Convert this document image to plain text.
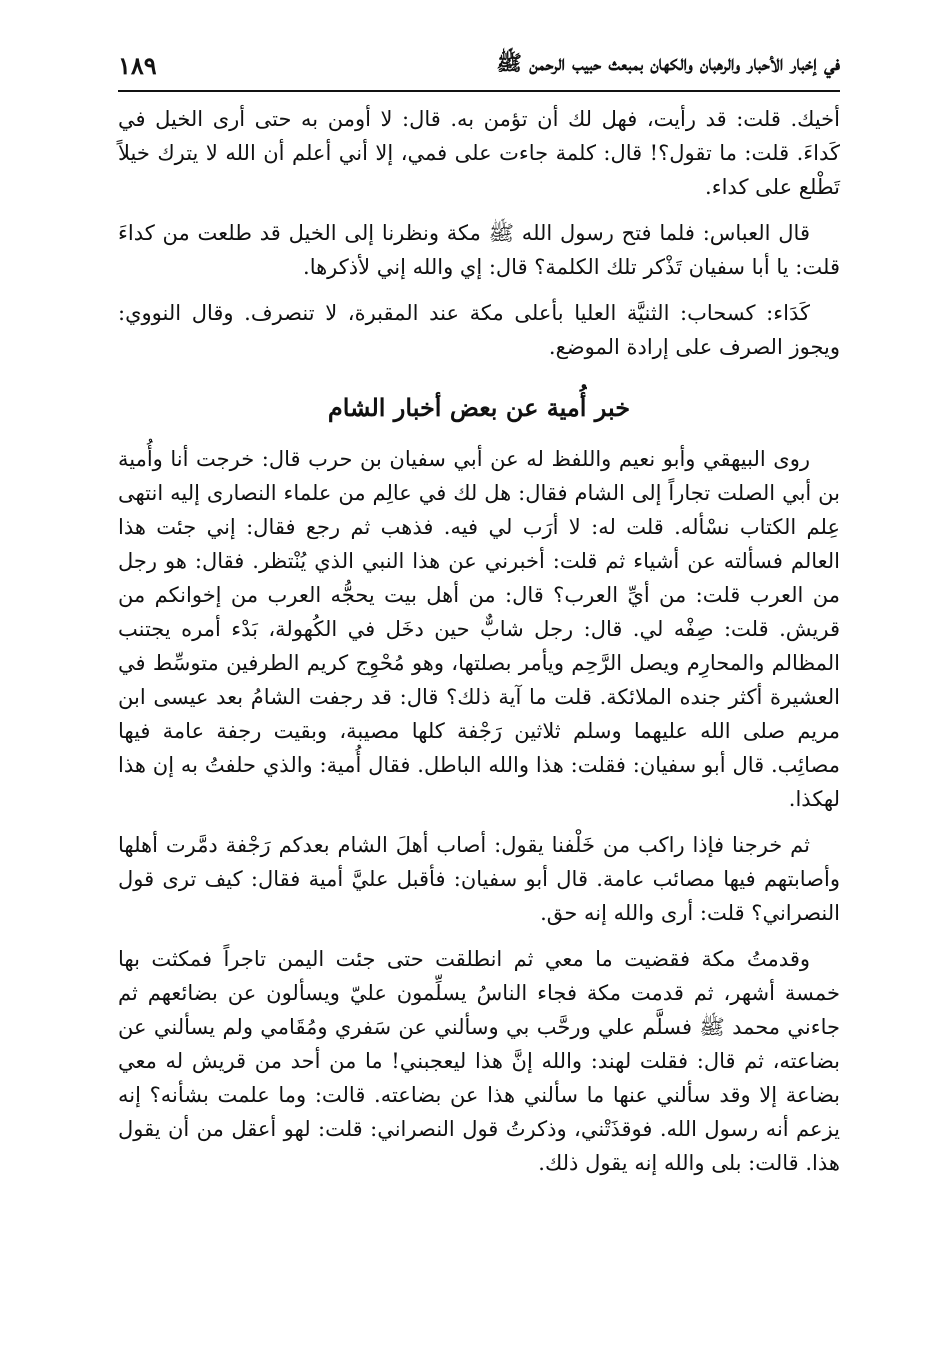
في إخبار الأحبار والرهبان والكهان بمبعث حبيب الرحمن ﷺ
١٨٩

أخيك. قلت: قد رأيت، فهل لك أن تؤمن به. قال: لا أومن به حتى أرى الخيل في كَداءَ. قلت: ما تقول؟! قال: كلمة جاءت على فمي، إلا أني أعلم أن الله لا يترك خيلاً تَطْلع على كداء.

قال العباس: فلما فتح رسول الله ﷺ مكة ونظرنا إلى الخيل قد طلعت من كداءَ قلت: يا أبا سفيان تَذْكر تلك الكلمة؟ قال: إي والله إني لأذكرها.

كَدَاء: كسحاب: الثنيَّة العليا بأعلى مكة عند المقبرة، لا تنصرف. وقال النووي: ويجوز الصرف على إرادة الموضع.

خبر أُمية عن بعض أخبار الشام

روى البيهقي وأبو نعيم واللفظ له عن أبي سفيان بن حرب قال: خرجت أنا وأُمية بن أبي الصلت تجاراً إلى الشام فقال: هل لك في عالِم من علماء النصارى إليه انتهى عِلم الكتاب نسْأله. قلت له: لا أرَب لي فيه. فذهب ثم رجع فقال: إني جئت هذا العالم فسألته عن أشياء ثم قلت: أخبرني عن هذا النبي الذي يُنْتظر. فقال: هو رجل من العرب قلت: من أيِّ العرب؟ قال: من أهل بيت يحجُّه العرب من إخوانكم من قريش. قلت: صِفْه لي. قال: رجل شابٌّ حين دخَل في الكُهولة، بَدْء أمره يجتنب المظالم والمحارِم ويصل الرَّحِم ويأمر بصلتها، وهو مُحْوِج كريم الطرفين متوسِّط في العشيرة أكثر جنده الملائكة. قلت ما آية ذلك؟ قال: قد رجفت الشامُ بعد عيسى ابن مريم صلى الله عليهما وسلم ثلاثين رَجْفة كلها مصيبة، وبقيت رجفة عامة فيها مصائِب. قال أبو سفيان: فقلت: هذا والله الباطل. فقال أُمية: والذي حلفتُ به إن هذا لهكذا.

ثم خرجنا فإذا راكب من خَلْفنا يقول: أصاب أهلَ الشام بعدكم رَجْفة دمَّرت أهلها وأصابتهم فيها مصائب عامة. قال أبو سفيان: فأقبل عليَّ أمية فقال: كيف ترى قول النصراني؟ قلت: أرى والله إنه حق.

وقدمتُ مكة فقضيت ما معي ثم انطلقت حتى جئت اليمن تاجراً فمكثت بها خمسة أشهر، ثم قدمت مكة فجاء الناسُ يسلِّمون عليّ ويسألون عن بضائعهم ثم جاءني محمد ﷺ فسلَّم علي ورحَّب بي وسألني عن سَفري ومُقَامي ولم يسألني عن بضاعته، ثم قال: فقلت لهند: والله إنَّ هذا ليعجبني! ما من أحد من قريش له معي بضاعة إلا وقد سألني عنها ما سألني هذا عن بضاعته. قالت: وما علمت بشأنه؟ إنه يزعم أنه رسول الله. فوقذَتْني، وذكرتُ قول النصراني: قلت: لهو أعقل من أن يقول هذا. قالت: بلى والله إنه يقول ذلك.
